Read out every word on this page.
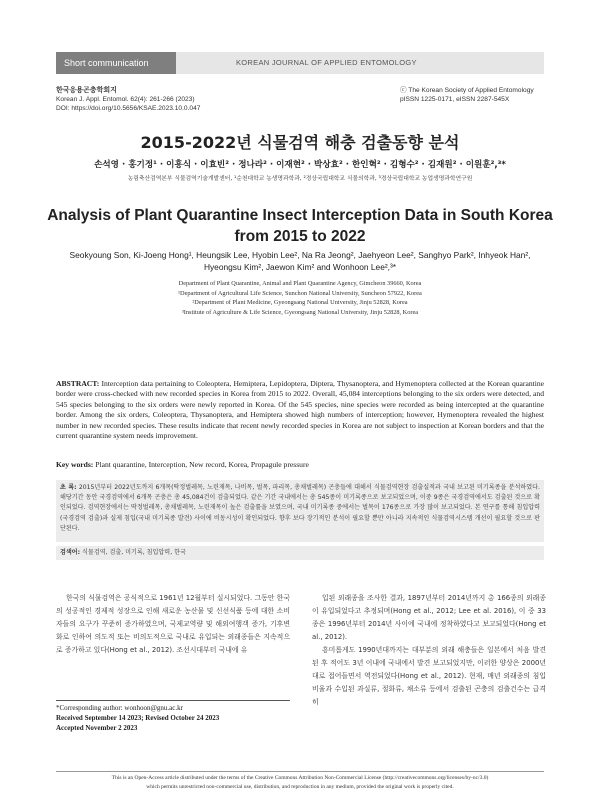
Short communication	KOREAN JOURNAL OF APPLIED ENTOMOLOGY
한국응용곤충학회지
Korean J. Appl. Entomol. 62(4): 261-266 (2023)
DOI: https://doi.org/10.5656/KSAE.2023.10.0.047
ⓒ The Korean Society of Applied Entomology
pISSN 1225-0171, eISSN 2287-545X
2015-2022년 식물검역 해충 검출동향 분석
손석영 · 홍기정¹ · 이흥식 · 이효빈² · 정나라² · 이재현² · 박상효² · 한인혁² · 김형수² · 김재원² · 이원훈²,³*
농림축산검역본부 식물검역기술개발센터, ¹순천대학교 농생명과학과, ²경상국립대학교 식물의학과, ³경상국립대학교 농업생명과학연구원
Analysis of Plant Quarantine Insect Interception Data in South Korea from 2015 to 2022
Seokyoung Son, Ki-Joeng Hong¹, Heungsik Lee, Hyobin Lee², Na Ra Jeong², Jaehyeon Lee², Sanghyo Park², Inhyeok Han²,
Hyeongsu Kim², Jaewon Kim² and Wonhoon Lee²,³*
Department of Plant Quarantine, Animal and Plant Quarantine Agency, Gimcheon 39660, Korea
¹Department of Agricultural Life Science, Sunchon National University, Suncheon 57922, Korea
²Department of Plant Medicine, Gyeongsang National University, Jinju 52828, Korea
³Institute of Agriculture & Life Science, Gyeongsang National University, Jinju 52828, Korea
ABSTRACT: Interception data pertaining to Coleoptera, Hemiptera, Lepidoptera, Diptera, Thysanoptera, and Hymenoptera collected at the Korean quarantine border were cross-checked with new recorded species in Korea from 2015 to 2022. Overall, 45,084 interceptions belonging to the six orders were detected, and 545 species belonging to the six orders were newly reported in Korea. Of the 545 species, nine species were recorded as being intercepted at the quarantine border. Among the six orders, Coleoptera, Thysanoptera, and Hemiptera showed high numbers of interception; however, Hymenoptera revealed the highest number in new recorded species. These results indicate that recent newly recorded species in Korea are not subject to inspection at Korean borders and that the current quarantine system needs improvement.
Key words: Plant quarantine, Interception, New record, Korea, Propagule pressure
초 록: 2015년부터 2022년도까지 6개목(딱정벌레목, 노린재목, 나비목, 벌목, 파리목, 총채벌레목) 곤충들에 대해서 식물검역현장 검출실적과 국내 보고된 미기록종을 분석하였다. 해당기간 동안 국경검역에서 6개목 곤충은 총 45,084건이 검출되었다. 같은 기간 국내에서는 총 545종이 미기록종으로 보고되었으며, 이중 9종은 국경검역에서도 검출된 것으로 확인되었다. 검역현장에서는 딱정벌레목, 총채벌레목, 노린재목이 높은 검출률을 보였으며, 국내 미기록종 중에서는 벌목이 176종으로 가장 많이 보고되었다. 본 연구를 통해 침입압력(국경검역 검출)과 실제 침입(국내 미기록종 발견) 사이에 비동시성이 확인되었다. 향후 보다 장기적인 분석이 필요할 뿐만 아니라 지속적인 식물검역시스템 개선이 필요할 것으로 판단된다.
검색어: 식물검역, 검출, 미기록, 침입압력, 한국

한국의 식물검역은 공식적으로 1961년 12월부터 실시되었다. 그동안 한국의 성공적인 경제적 성장으로 인해 새로운 농산물 및 신선식품 등에 대한 소비자들의 요구가 꾸준히 증가하였으며, 국제교역량 및 해외여행객 증가, 기후변화로 인하여 의도적 또는 비의도적으로 국내로 유입되는 외래종들은 지속적으로 증가하고 있다(Hong et al., 2012). 조선시대부터 국내에 유

입된 외래종을 조사한 결과, 1897년부터 2014년까지 총 166종의 외래종이 유입되었다고 추정되며(Hong et al., 2012; Lee et al. 2016), 이 중 33종은 1996년부터 2014년 사이에 국내에 정착하였다고 보고되었다(Hong et al., 2012).

흥미롭게도 1990년대까지는 대부분의 외래 해충들은 일본에서 처음 발견된 후 적어도 3년 이내에 국내에서 발견 보고되었지만, 이러한 양상은 2000년대로 접어들면서 역전되었다(Hong et al., 2012). 현재, 매년 외래종의 침입 비율과 수입된 과실류, 절화류, 채소류 등에서 검출된 곤충의 검출건수는 급격히

*Corresponding author: wonhoon@gnu.ac.kr
Received September 14 2023; Revised October 24 2023
Accepted November 2 2023
This is an Open-Access article distributed under the terms of the Creative Commons Attribution Non-Commercial License (http://creativecommons.org/licenses/by-nc/3.0)
which permits unrestricted non-commercial use, distribution, and reproduction in any medium, provided the original work is properly cited.
